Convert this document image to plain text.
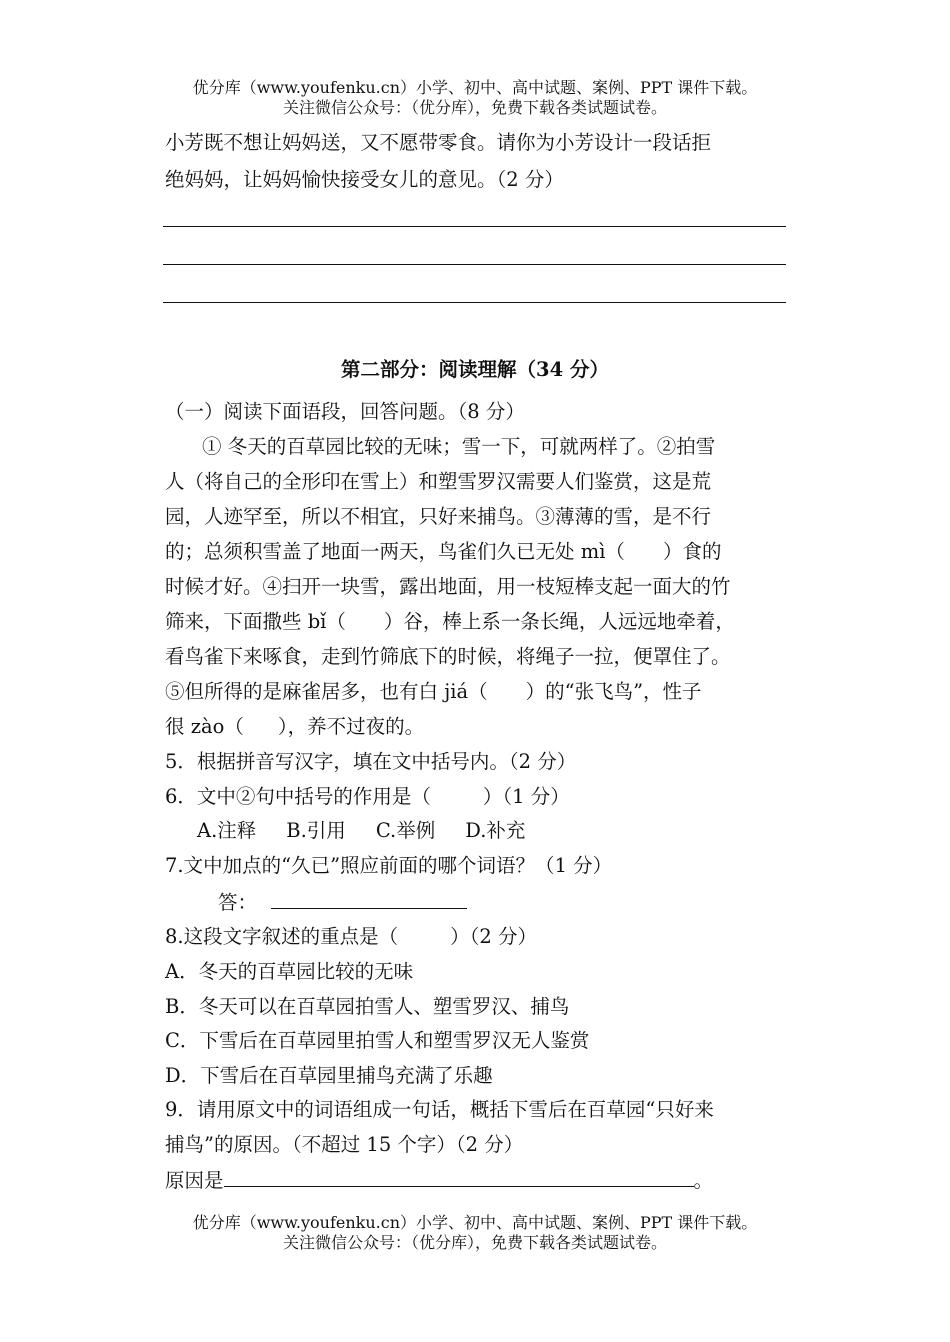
优分库（www.youfenku.cn）小学、初中、高中试题、案例、PPT 课件下载。
关注微信公众号：（优分库），免费下载各类试题试卷。
小芳既不想让妈妈送，又不愿带零食。请你为小芳设计一段话拒
绝妈妈，让妈妈愉快接受女儿的意见。（2 分）
第二部分：阅读理解（34 分）
（一）阅读下面语段，回答问题。（8 分）
① 冬天的百草园比较的无味；雪一下，可就两样了。②拍雪
人（将自己的全形印在雪上）和塑雪罗汉需要人们鉴赏，这是荒
园，人迹罕至，所以不相宜，只好来捕鸟。③薄薄的雪，是不行
的；总须积雪盖了地面一两天，鸟雀们久已无处 mì（ ）食的
时候才好。④扫开一块雪，露出地面，用一枝短棒支起一面大的竹
筛来，下面撒些 bǐ（ ）谷，棒上系一条长绳，人远远地牵着，
看鸟雀下来啄食，走到竹筛底下的时候，将绳子一拉，便罩住了。
⑤但所得的是麻雀居多，也有白 jiá（ ）的“张飞鸟”，性子
很 zào（ ），养不过夜的。
5．根据拼音写汉字，填在文中括号内。（2 分）
6．文中②句中括号的作用是（	）（1 分）
A.注释 B.引用 C.举例 D.补充
7.文中加点的“久已”照应前面的哪个词语？（1 分）
答：
8.这段文字叙述的重点是（	）（2 分）
A．冬天的百草园比较的无味
B．冬天可以在百草园拍雪人、塑雪罗汉、捕鸟
C．下雪后在百草园里拍雪人和塑雪罗汉无人鉴赏
D．下雪后在百草园里捕鸟充满了乐趣
9．请用原文中的词语组成一句话，概括下雪后在百草园“只好来
捕鸟”的原因。（不超过 15 个字）（2 分）
原因是	。
优分库（www.youfenku.cn）小学、初中、高中试题、案例、PPT 课件下载。
关注微信公众号：（优分库），免费下载各类试题试卷。
